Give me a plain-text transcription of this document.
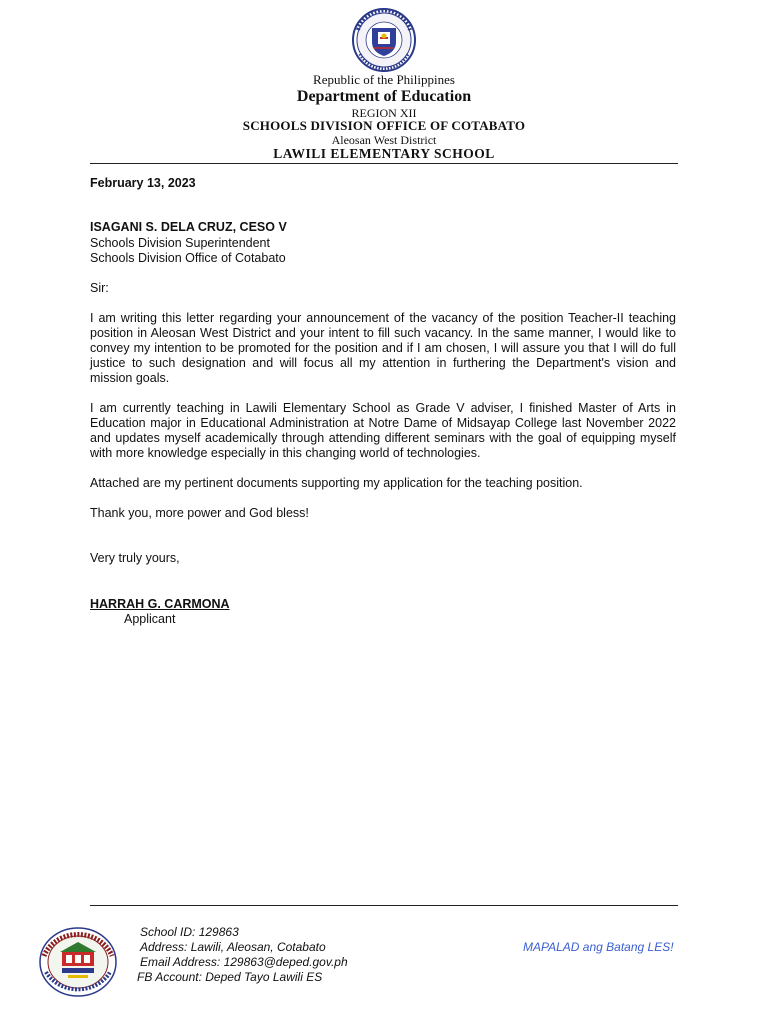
Republic of the Philippines
Department of Education
REGION XII
SCHOOLS DIVISION OFFICE OF COTABATO
Aleosan West District
LAWILI ELEMENTARY SCHOOL
February 13, 2023
ISAGANI S. DELA CRUZ, CESO V
Schools Division Superintendent
Schools Division Office of Cotabato
Sir:
I am writing this letter regarding your announcement of the vacancy of the position Teacher-II teaching position in Aleosan West District and your intent to fill such vacancy. In the same manner, I would like to convey my intention to be promoted for the position and if I am chosen, I will assure you that I will do full justice to such designation and will focus all my attention in furthering the Department's vision and mission goals.
I am currently teaching in Lawili Elementary School as Grade V adviser, I finished Master of Arts in Education major in Educational Administration at Notre Dame of Midsayap College last November 2022 and updates myself academically through attending different seminars with the goal of equipping myself with more knowledge especially in this changing world of technologies.
Attached are my pertinent documents supporting my application for the teaching position.
Thank you, more power and God bless!
Very truly yours,
HARRAH G. CARMONA
Applicant
School ID: 129863
Address: Lawili, Aleosan, Cotabato
Email Address: 129863@deped.gov.ph
FB Account: Deped Tayo Lawili ES
MAPALAD ang Batang LES!
